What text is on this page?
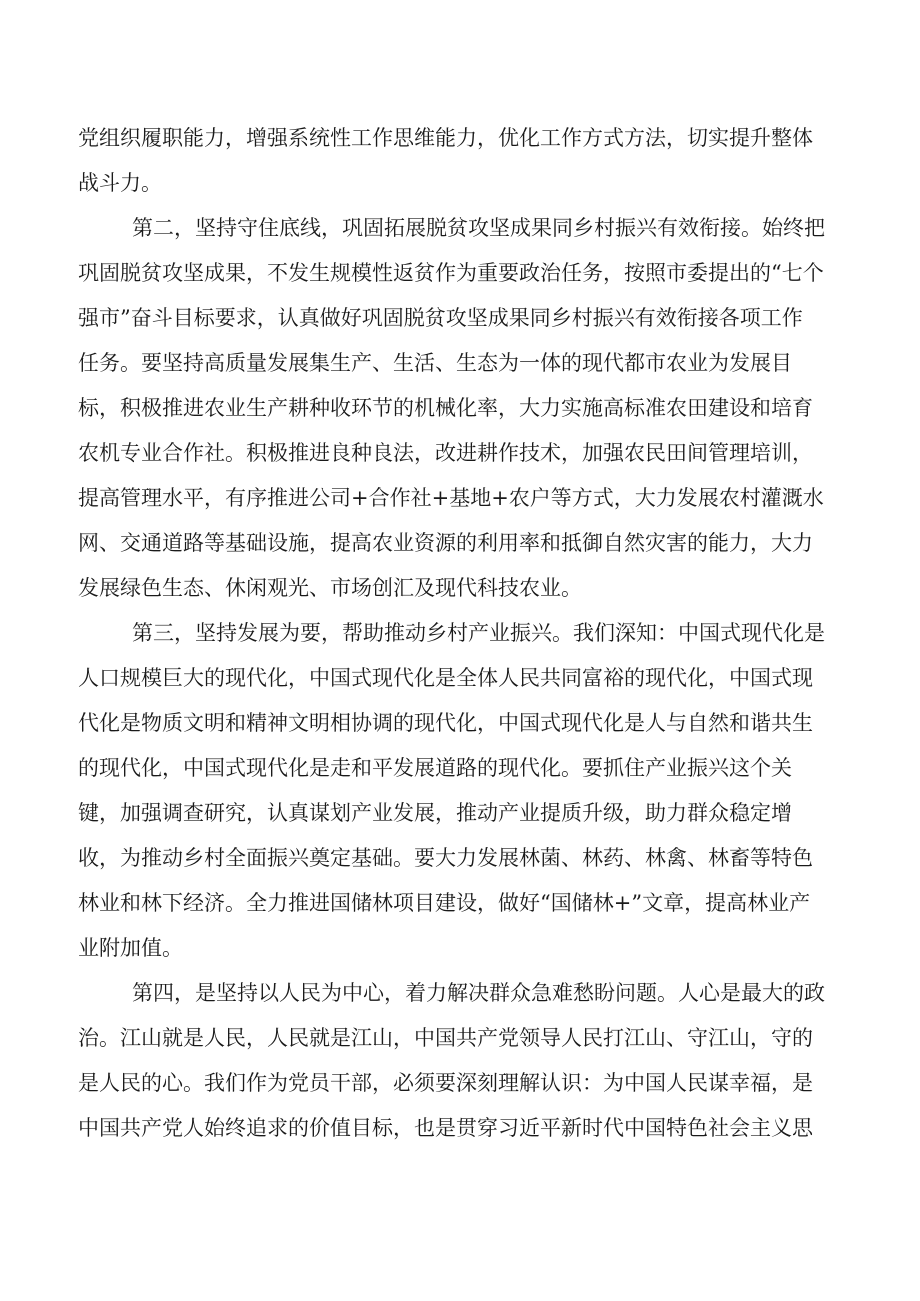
党组织履职能力，增强系统性工作思维能力，优化工作方式方法，切实提升整体
战斗力。
第二，坚持守住底线，巩固拓展脱贫攻坚成果同乡村振兴有效衔接。始终把
巩固脱贫攻坚成果，不发生规模性返贫作为重要政治任务，按照市委提出的“七个
强市”奋斗目标要求，认真做好巩固脱贫攻坚成果同乡村振兴有效衔接各项工作
任务。要坚持高质量发展集生产、生活、生态为一体的现代都市农业为发展目
标，积极推进农业生产耕种收环节的机械化率，大力实施高标准农田建设和培育
农机专业合作社。积极推进良种良法，改进耕作技术，加强农民田间管理培训，
提高管理水平，有序推进公司+合作社+基地+农户等方式，大力发展农村灌溉水
网、交通道路等基础设施，提高农业资源的利用率和抵御自然灾害的能力，大力
发展绿色生态、休闲观光、市场创汇及现代科技农业。
第三，坚持发展为要，帮助推动乡村产业振兴。我们深知：中国式现代化是
人口规模巨大的现代化，中国式现代化是全体人民共同富裕的现代化，中国式现
代化是物质文明和精神文明相协调的现代化，中国式现代化是人与自然和谐共生
的现代化，中国式现代化是走和平发展道路的现代化。要抓住产业振兴这个关
键，加强调查研究，认真谋划产业发展，推动产业提质升级，助力群众稳定增
收，为推动乡村全面振兴奠定基础。要大力发展林菌、林药、林禽、林畜等特色
林业和林下经济。全力推进国储林项目建设，做好“国储林+”文章，提高林业产
业附加值。
第四，是坚持以人民为中心，着力解决群众急难愁盼问题。人心是最大的政
治。江山就是人民，人民就是江山，中国共产党领导人民打江山、守江山，守的
是人民的心。我们作为党员干部，必须要深刻理解认识：为中国人民谋幸福，是
中国共产党人始终追求的价值目标，也是贯穿习近平新时代中国特色社会主义思
